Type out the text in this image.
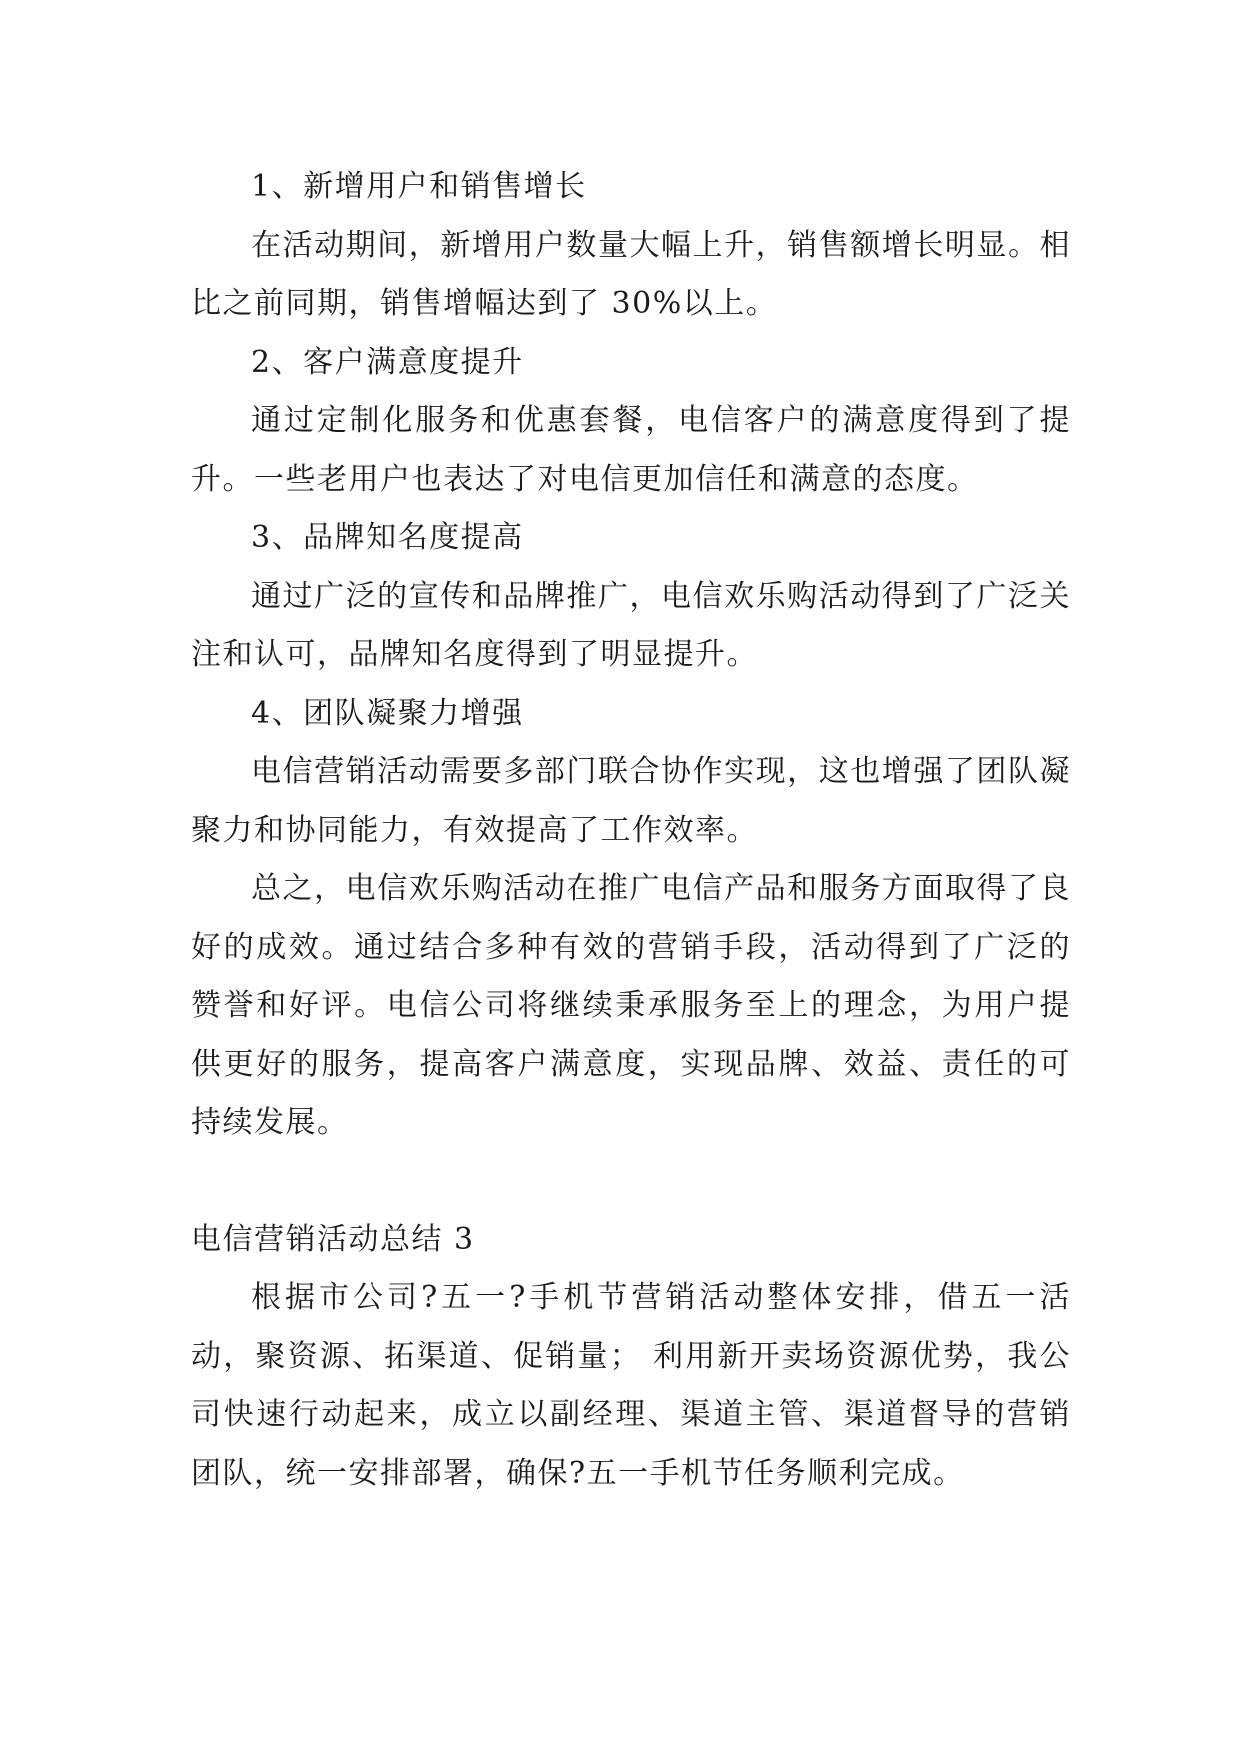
1、新增用户和销售增长

在活动期间，新增用户数量大幅上升，销售额增长明显。相比之前同期，销售增幅达到了 30%以上。

2、客户满意度提升

通过定制化服务和优惠套餐，电信客户的满意度得到了提升。一些老用户也表达了对电信更加信任和满意的态度。

3、品牌知名度提高

通过广泛的宣传和品牌推广，电信欢乐购活动得到了广泛关注和认可，品牌知名度得到了明显提升。

4、团队凝聚力增强

电信营销活动需要多部门联合协作实现，这也增强了团队凝聚力和协同能力，有效提高了工作效率。

总之，电信欢乐购活动在推广电信产品和服务方面取得了良好的成效。通过结合多种有效的营销手段，活动得到了广泛的赞誉和好评。电信公司将继续秉承服务至上的理念，为用户提供更好的服务，提高客户满意度，实现品牌、效益、责任的可持续发展。

电信营销活动总结 3

根据市公司?五一?手机节营销活动整体安排，借五一活动，聚资源、拓渠道、促销量； 利用新开卖场资源优势，我公司快速行动起来，成立以副经理、渠道主管、渠道督导的营销团队，统一安排部署，确保?五一手机节任务顺利完成。
